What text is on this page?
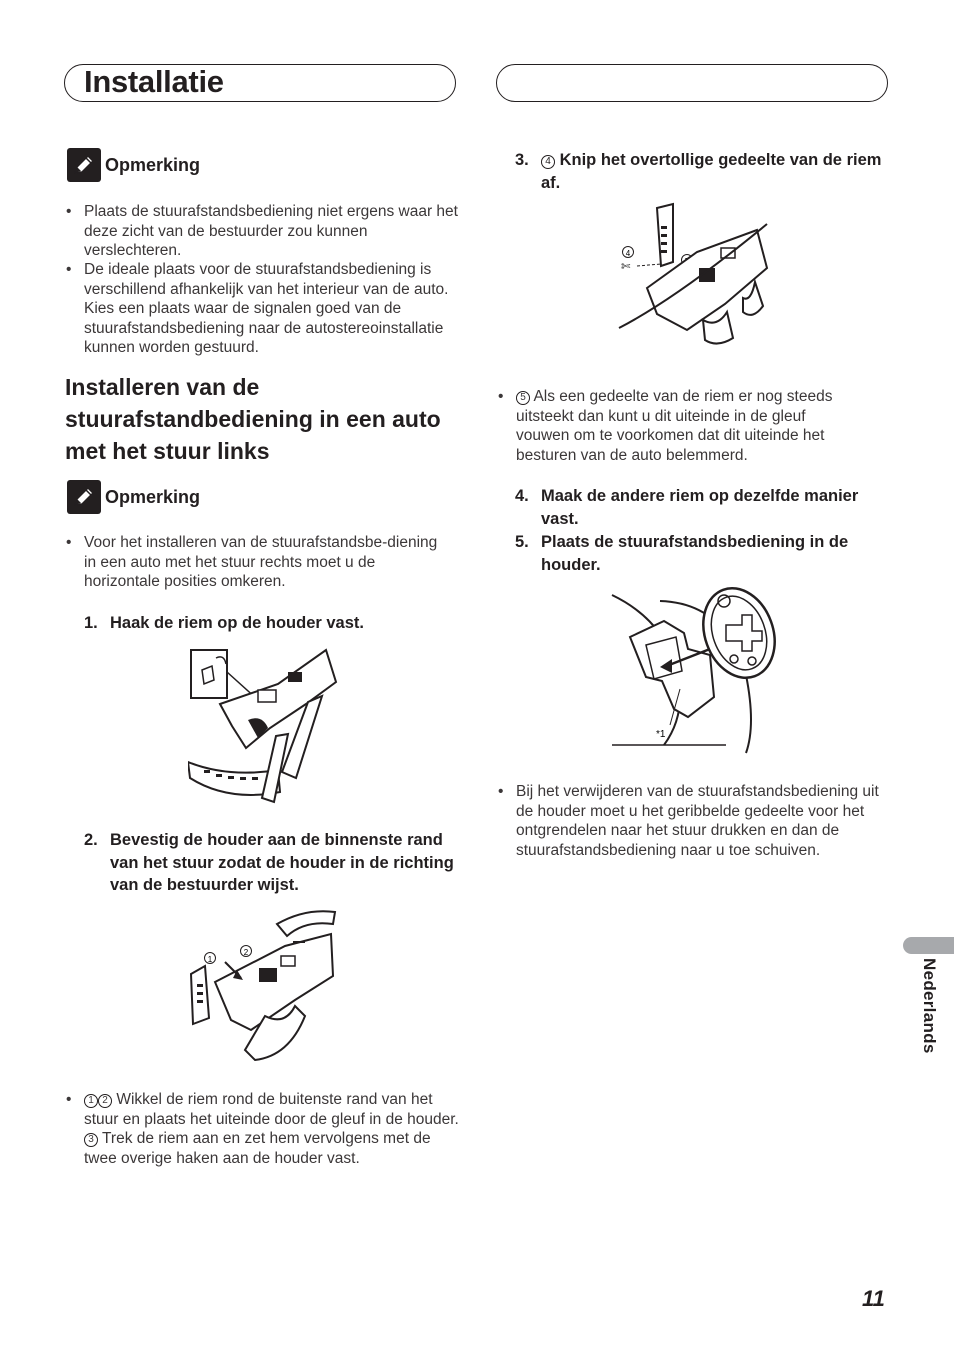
Installatie
Opmerking
• Plaats de stuurafstandsbediening niet ergens waar het deze zicht van de bestuurder zou kunnen verslechteren.
• De ideale plaats voor de stuurafstandsbediening is verschillend afhankelijk van het interieur van de auto. Kies een plaats waar de signalen goed van de stuurafstandsbediening naar de autostereoinstallatie kunnen worden gestuurd.
Installeren van de stuurafstandbediening in een auto met het stuur links
Opmerking
• Voor het installeren van de stuurafstandsbe-diening in een auto met het stuur rechts moet u de horizontale posities omkeren.
1. Haak de riem op de houder vast.
2. Bevestig de houder aan de binnenste rand van het stuur zodat de houder in de richting van de bestuurder wijst.
1
2
• 1 2 Wikkel de riem rond de buitenste rand van het stuur en plaats het uiteinde door de gleuf in de houder.
3 Trek de riem aan en zet hem vervolgens met de twee overige haken aan de houder vast.
3. 4 Knip het overtollige gedeelte van de riem af.
4
✄
• 5 Als een gedeelte van de riem er nog steeds uitsteekt dan kunt u dit uiteinde in de gleuf vouwen om te voorkomen dat dit uiteinde het besturen van de auto belemmerd.
4. Maak de andere riem op dezelfde manier vast.
5. Plaats de stuurafstandsbediening in de houder.
*1
• Bij het verwijderen van de stuurafstandsbediening uit de houder moet u het geribbelde gedeelte voor het ontgrendelen naar het stuur drukken en dan de stuurafstandsbediening naar u toe schuiven.
Nederlands
11
